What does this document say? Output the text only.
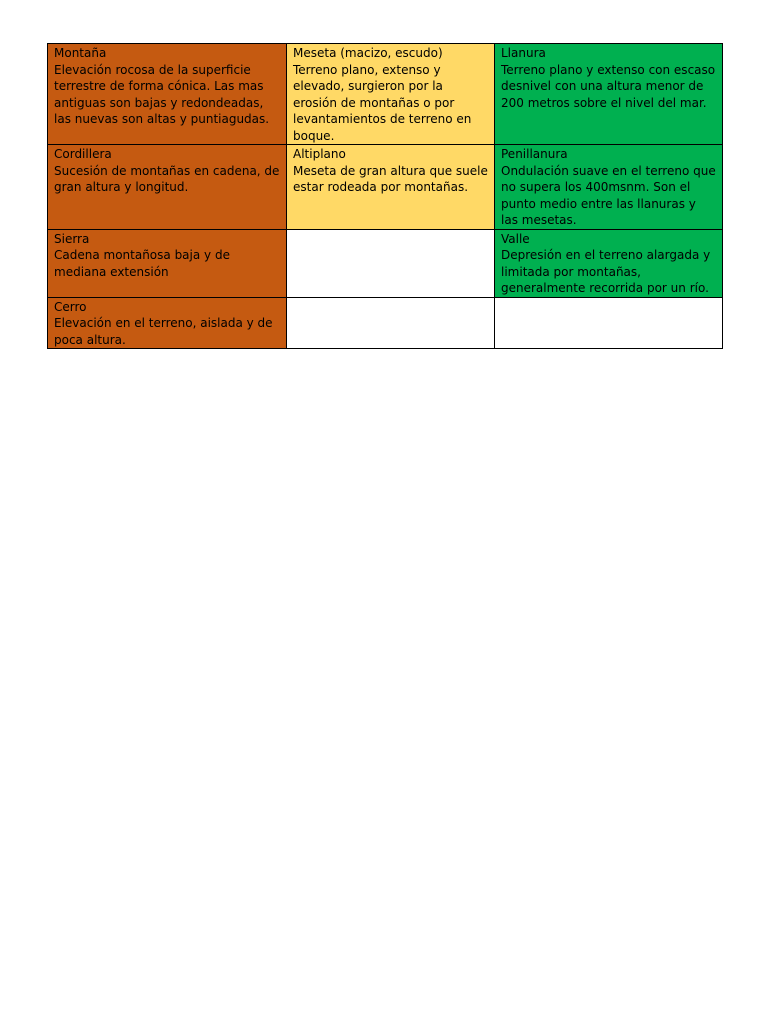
Montaña
Elevación rocosa de la superficie terrestre de forma cónica. Las mas antiguas son bajas y redondeadas, las nuevas son altas y puntiagudas.	Meseta (macizo, escudo)
Terreno plano, extenso y elevado, surgieron por la erosión de montañas o por levantamientos de terreno en boque.	Llanura
Terreno plano y extenso con escaso desnivel con una altura menor de 200 metros sobre el nivel del mar.

Cordillera
Sucesión de montañas en cadena, de gran altura y longitud.	Altiplano
Meseta de gran altura que suele estar rodeada por montañas.	Penillanura
Ondulación suave en el terreno que no supera los 400msnm. Son el punto medio entre las llanuras y las mesetas.

Sierra
Cadena montañosa baja y de mediana extensión		Valle
Depresión en el terreno alargada y limitada por montañas, generalmente recorrida por un río.

Cerro
Elevación en el terreno, aislada y de poca altura.		
